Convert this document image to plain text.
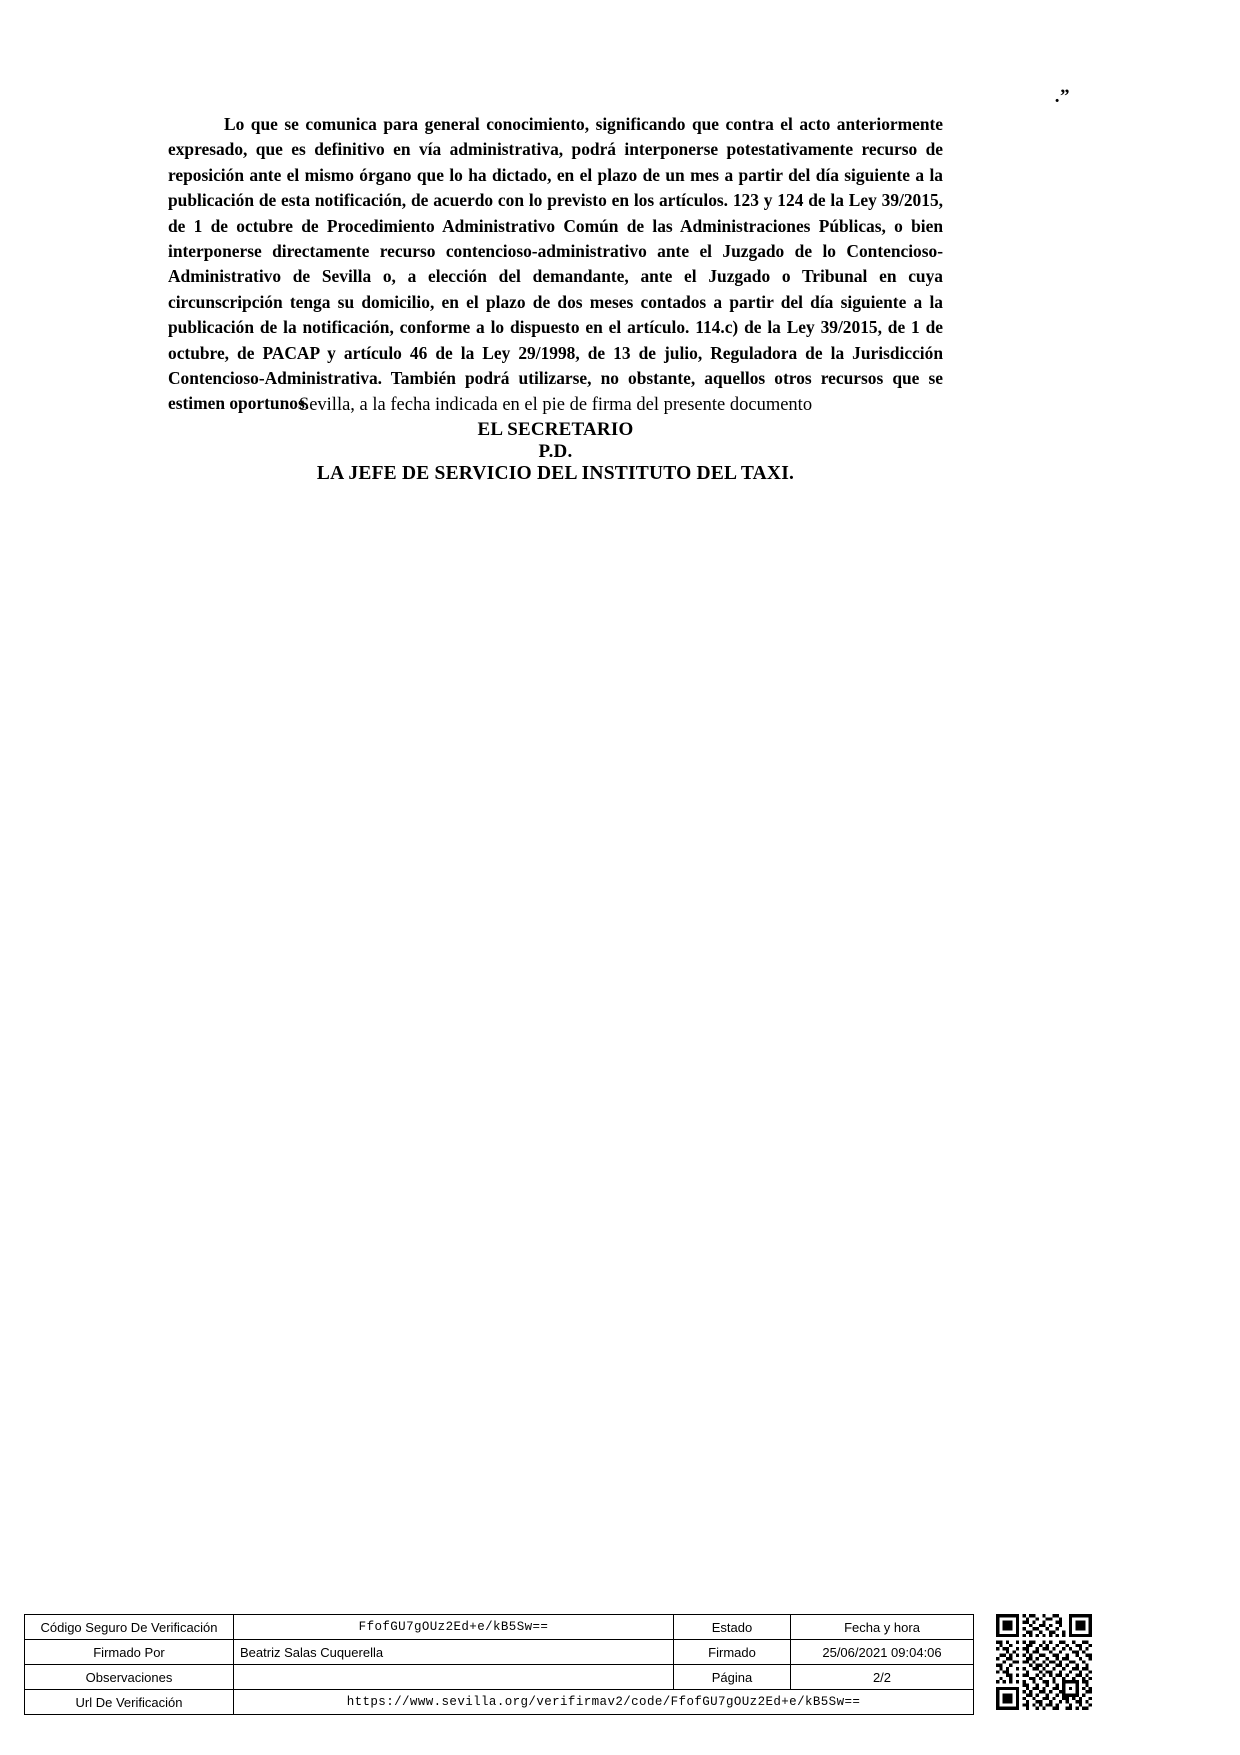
.”
Lo que se comunica para general conocimiento, significando que contra el acto anteriormente expresado, que es definitivo en vía administrativa, podrá interponerse potestativamente recurso de reposición ante el mismo órgano que lo ha dictado, en el plazo de un mes a partir del día siguiente a la publicación de esta notificación, de acuerdo con lo previsto en los artículos. 123 y 124 de la Ley 39/2015, de 1 de octubre de Procedimiento Administrativo Común de las Administraciones Públicas, o bien interponerse directamente recurso contencioso-administrativo ante el Juzgado de lo Contencioso-Administrativo de Sevilla o, a elección del demandante, ante el Juzgado o Tribunal en cuya circunscripción tenga su domicilio, en el plazo de dos meses contados a partir del día siguiente a la publicación de la notificación, conforme a lo dispuesto en el artículo. 114.c) de la Ley 39/2015, de 1 de octubre, de PACAP y artículo 46 de la Ley 29/1998, de 13 de julio, Reguladora de la Jurisdicción Contencioso-Administrativa. También podrá utilizarse, no obstante, aquellos otros recursos que se estimen oportunos.
Sevilla, a la fecha indicada en el pie de firma del presente documento
EL SECRETARIO
P.D.
LA JEFE DE SERVICIO DEL INSTITUTO DEL TAXI.
Código Seguro De Verificación	FfofGU7gOUz2Ed+e/kB5Sw==	Estado	Fecha y hora
Firmado Por	Beatriz Salas Cuquerella	Firmado	25/06/2021 09:04:06
Observaciones		Página	2/2
Url De Verificación	https://www.sevilla.org/verifirmav2/code/FfofGU7gOUz2Ed+e/kB5Sw==		
